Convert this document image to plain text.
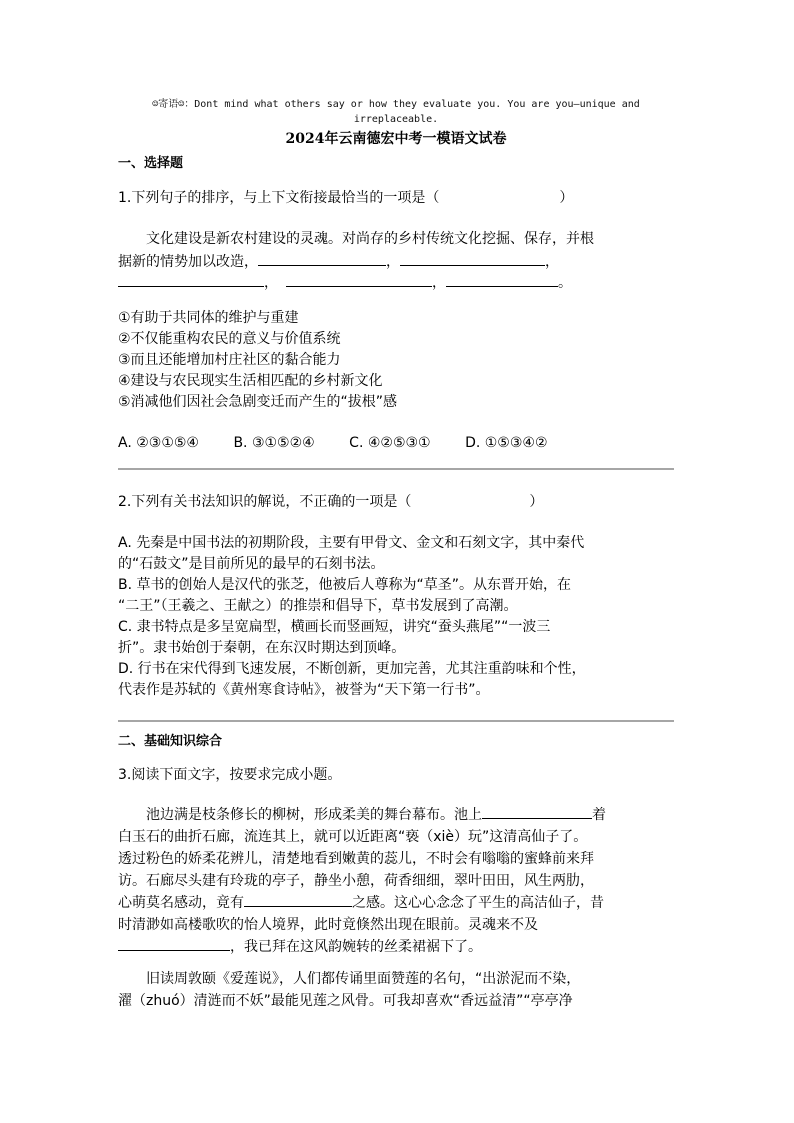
☺寄语☺：Dont mind what others say or how they evaluate you. You are you—unique and irreplaceable.
2024年云南德宏中考一模语文试卷
一、选择题
1.下列句子的排序，与上下文衔接最恰当的一项是（	）
文化建设是新农村建设的灵魂。对尚存的乡村传统文化挖掘、保存，并根
据新的情势加以改造，	，	，
，	，	。
①有助于共同体的维护与重建
②不仅能重构农民的意义与价值系统
③而且还能增加村庄社区的黏合能力
④建设与农民现实生活相匹配的乡村新文化
⑤消减他们因社会急剧变迁而产生的“拔根”感
A. ②③①⑤④ B. ③①⑤②④ C. ④②⑤③① D. ①⑤③④②
2.下列有关书法知识的解说，不正确的一项是（	）
A. 先秦是中国书法的初期阶段，主要有甲骨文、金文和石刻文字，其中秦代
的“石鼓文”是目前所见的最早的石刻书法。
B. 草书的创始人是汉代的张芝，他被后人尊称为“草圣”。从东晋开始，在
“二王”（王羲之、王献之）的推崇和倡导下，草书发展到了高潮。
C. 隶书特点是多呈宽扁型，横画长而竖画短，讲究“蚕头燕尾”“一波三
折”。隶书始创于秦朝，在东汉时期达到顶峰。
D. 行书在宋代得到飞速发展，不断创新，更加完善，尤其注重韵味和个性，
代表作是苏轼的《黄州寒食诗帖》，被誉为“天下第一行书”。
二、基础知识综合
3.阅读下面文字，按要求完成小题。
池边满是枝条修长的柳树，形成柔美的舞台幕布。池上	着
白玉石的曲折石廊，流连其上，就可以近距离“亵（xiè）玩”这清高仙子了。
透过粉色的娇柔花辨儿，清楚地看到嫩黄的蕊儿，不时会有嗡嗡的蜜蜂前来拜
访。石廊尽头建有玲珑的亭子，静坐小憩，荷香细细，翠叶田田，风生两肋，
心萌莫名感动，竟有	之感。这心心念念了平生的高洁仙子，昔
时清渺如高楼歌吹的怡人境界，此时竟倏然出现在眼前。灵魂来不及
，我已拜在这风韵婉转的丝柔裙裾下了。
旧读周敦颐《爱莲说》，人们都传诵里面赞莲的名句，“出淤泥而不染，
濯（zhuó）清涟而不妖”最能见莲之风骨。可我却喜欢“香远益清”“亭亭净
